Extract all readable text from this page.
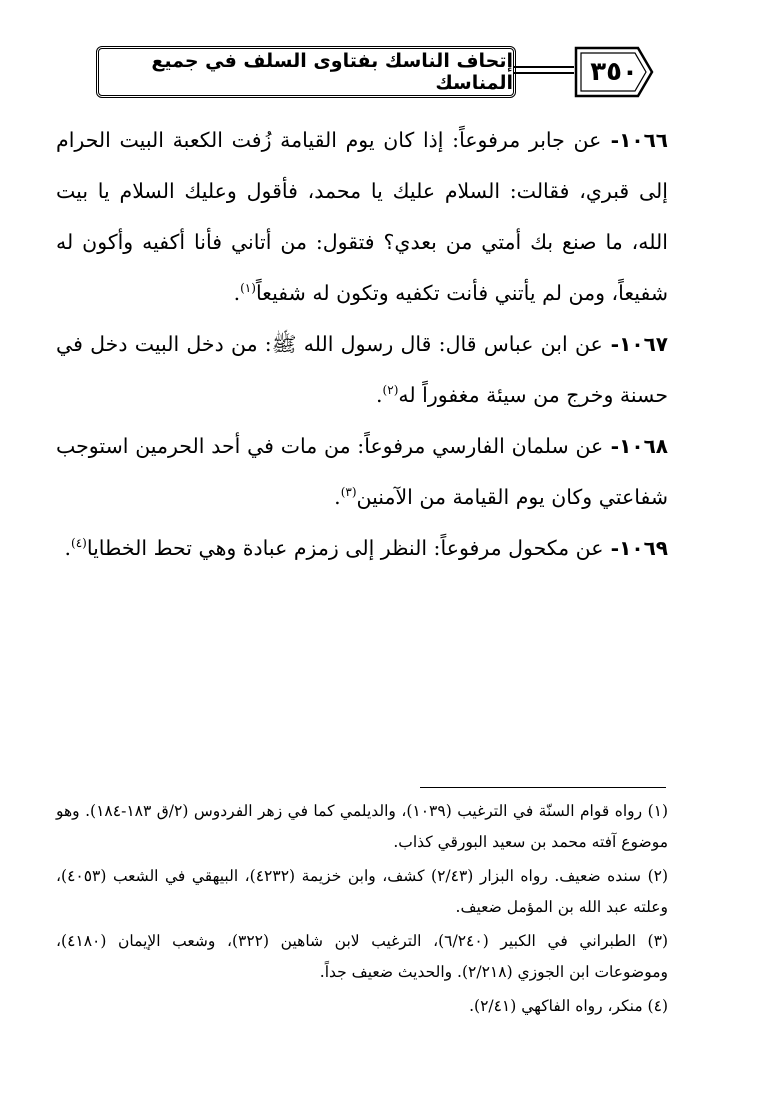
إتحاف الناسك بفتاوى السلف في جميع المناسك	٣٥٠

١٠٦٦- عن جابر مرفوعاً: إذا كان يوم القيامة زُفت الكعبة البيت الحرام إلى قبري، فقالت: السلام عليك يا محمد، فأقول وعليك السلام يا بيت الله، ما صنع بك أمتي من بعدي؟ فتقول: من أتاني فأنا أكفيه وأكون له شفيعاً، ومن لم يأتني فأنت تكفيه وتكون له شفيعاً$^{(١)}$.

١٠٦٧- عن ابن عباس قال: قال رسول الله ﷺ: من دخل البيت دخل في حسنة وخرج من سيئة مغفوراً له$^{(٢)}$.

١٠٦٨- عن سلمان الفارسي مرفوعاً: من مات في أحد الحرمين استوجب شفاعتي وكان يوم القيامة من الآمنين$^{(٣)}$.

١٠٦٩- عن مكحول مرفوعاً: النظر إلى زمزم عبادة وهي تحط الخطايا$^{(٤)}$.

(١) رواه قوام السنّة في الترغيب (١٠٣٩)، والديلمي كما في زهر الفردوس (٢/ق ١٨٣-١٨٤). وهو موضوع آفته محمد بن سعيد البورقي كذاب.

(٢) سنده ضعيف. رواه البزار (٢/٤٣) كشف، وابن خزيمة (٤٢٣٢)، البيهقي في الشعب (٤٠٥٣)، وعلته عبد الله بن المؤمل ضعيف.

(٣) الطبراني في الكبير (٦/٢٤٠)، الترغيب لابن شاهين (٣٢٢)، وشعب الإيمان (٤١٨٠)، وموضوعات ابن الجوزي (٢/٢١٨). والحديث ضعيف جداً.

(٤) منكر، رواه الفاكهي (٢/٤١).
